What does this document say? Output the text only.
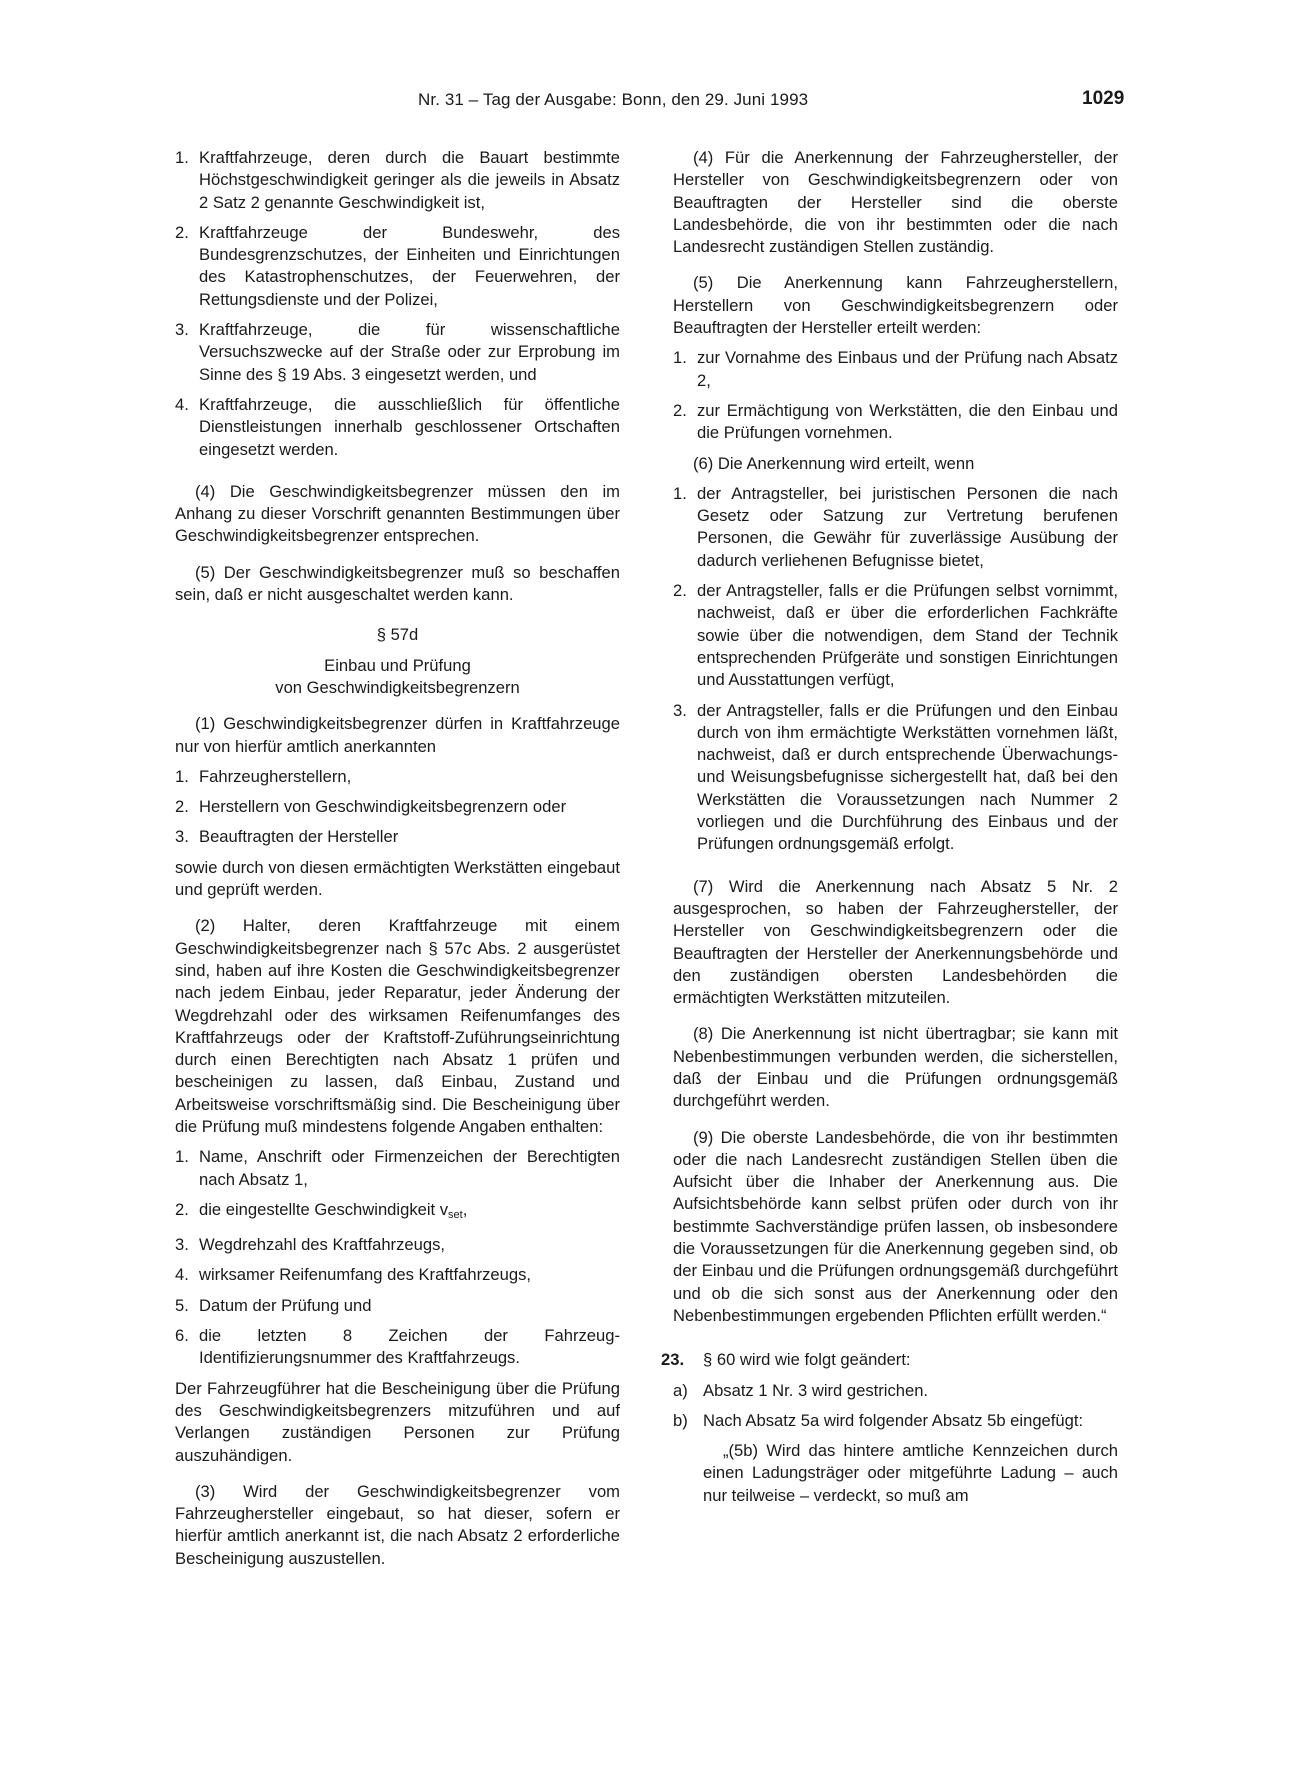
Nr. 31 – Tag der Ausgabe: Bonn, den 29. Juni 1993	1029
1. Kraftfahrzeuge, deren durch die Bauart bestimmte Höchstgeschwindigkeit geringer als die jeweils in Absatz 2 Satz 2 genannte Geschwindigkeit ist,
2. Kraftfahrzeuge der Bundeswehr, des Bundesgrenzschutzes, der Einheiten und Einrichtungen des Katastrophenschutzes, der Feuerwehren, der Rettungsdienste und der Polizei,
3. Kraftfahrzeuge, die für wissenschaftliche Versuchszwecke auf der Straße oder zur Erprobung im Sinne des § 19 Abs. 3 eingesetzt werden, und
4. Kraftfahrzeuge, die ausschließlich für öffentliche Dienstleistungen innerhalb geschlossener Ortschaften eingesetzt werden.

(4) Die Geschwindigkeitsbegrenzer müssen den im Anhang zu dieser Vorschrift genannten Bestimmungen über Geschwindigkeitsbegrenzer entsprechen.

(5) Der Geschwindigkeitsbegrenzer muß so beschaffen sein, daß er nicht ausgeschaltet werden kann.

§ 57d
Einbau und Prüfung
von Geschwindigkeitsbegrenzern

(1) Geschwindigkeitsbegrenzer dürfen in Kraftfahrzeuge nur von hierfür amtlich anerkannten

1. Fahrzeugherstellern,
2. Herstellern von Geschwindigkeitsbegrenzern oder
3. Beauftragten der Hersteller

sowie durch von diesen ermächtigten Werkstätten eingebaut und geprüft werden.

(2) Halter, deren Kraftfahrzeuge mit einem Geschwindigkeitsbegrenzer nach § 57c Abs. 2 ausgerüstet sind, haben auf ihre Kosten die Geschwindigkeitsbegrenzer nach jedem Einbau, jeder Reparatur, jeder Änderung der Wegdrehzahl oder des wirksamen Reifenumfanges des Kraftfahrzeugs oder der Kraftstoff-Zuführungseinrichtung durch einen Berechtigten nach Absatz 1 prüfen und bescheinigen zu lassen, daß Einbau, Zustand und Arbeitsweise vorschriftsmäßig sind. Die Bescheinigung über die Prüfung muß mindestens folgende Angaben enthalten:

1. Name, Anschrift oder Firmenzeichen der Berechtigten nach Absatz 1,
2. die eingestellte Geschwindigkeit $v_{set}$,
3. Wegdrehzahl des Kraftfahrzeugs,
4. wirksamer Reifenumfang des Kraftfahrzeugs,
5. Datum der Prüfung und
6. die letzten 8 Zeichen der Fahrzeug-Identifizierungsnummer des Kraftfahrzeugs.

Der Fahrzeugführer hat die Bescheinigung über die Prüfung des Geschwindigkeitsbegrenzers mitzuführen und auf Verlangen zuständigen Personen zur Prüfung auszuhändigen.

(3) Wird der Geschwindigkeitsbegrenzer vom Fahrzeughersteller eingebaut, so hat dieser, sofern er hierfür amtlich anerkannt ist, die nach Absatz 2 erforderliche Bescheinigung auszustellen.

(4) Für die Anerkennung der Fahrzeughersteller, der Hersteller von Geschwindigkeitsbegrenzern oder von Beauftragten der Hersteller sind die oberste Landesbehörde, die von ihr bestimmten oder die nach Landesrecht zuständigen Stellen zuständig.

(5) Die Anerkennung kann Fahrzeugherstellern, Herstellern von Geschwindigkeitsbegrenzern oder Beauftragten der Hersteller erteilt werden:

1. zur Vornahme des Einbaus und der Prüfung nach Absatz 2,
2. zur Ermächtigung von Werkstätten, die den Einbau und die Prüfungen vornehmen.

(6) Die Anerkennung wird erteilt, wenn

1. der Antragsteller, bei juristischen Personen die nach Gesetz oder Satzung zur Vertretung berufenen Personen, die Gewähr für zuverlässige Ausübung der dadurch verliehenen Befugnisse bietet,
2. der Antragsteller, falls er die Prüfungen selbst vornimmt, nachweist, daß er über die erforderlichen Fachkräfte sowie über die notwendigen, dem Stand der Technik entsprechenden Prüfgeräte und sonstigen Einrichtungen und Ausstattungen verfügt,
3. der Antragsteller, falls er die Prüfungen und den Einbau durch von ihm ermächtigte Werkstätten vornehmen läßt, nachweist, daß er durch entsprechende Überwachungs- und Weisungsbefugnisse sichergestellt hat, daß bei den Werkstätten die Voraussetzungen nach Nummer 2 vorliegen und die Durchführung des Einbaus und der Prüfungen ordnungsgemäß erfolgt.

(7) Wird die Anerkennung nach Absatz 5 Nr. 2 ausgesprochen, so haben der Fahrzeughersteller, der Hersteller von Geschwindigkeitsbegrenzern oder die Beauftragten der Hersteller der Anerkennungsbehörde und den zuständigen obersten Landesbehörden die ermächtigten Werkstätten mitzuteilen.

(8) Die Anerkennung ist nicht übertragbar; sie kann mit Nebenbestimmungen verbunden werden, die sicherstellen, daß der Einbau und die Prüfungen ordnungsgemäß durchgeführt werden.

(9) Die oberste Landesbehörde, die von ihr bestimmten oder die nach Landesrecht zuständigen Stellen üben die Aufsicht über die Inhaber der Anerkennung aus. Die Aufsichtsbehörde kann selbst prüfen oder durch von ihr bestimmte Sachverständige prüfen lassen, ob insbesondere die Voraussetzungen für die Anerkennung gegeben sind, ob der Einbau und die Prüfungen ordnungsgemäß durchgeführt und ob die sich sonst aus der Anerkennung oder den Nebenbestimmungen ergebenden Pflichten erfüllt werden.“

23. § 60 wird wie folgt geändert:
a) Absatz 1 Nr. 3 wird gestrichen.
b) Nach Absatz 5a wird folgender Absatz 5b eingefügt:

„(5b) Wird das hintere amtliche Kennzeichen durch einen Ladungsträger oder mitgeführte Ladung – auch nur teilweise – verdeckt, so muß am
